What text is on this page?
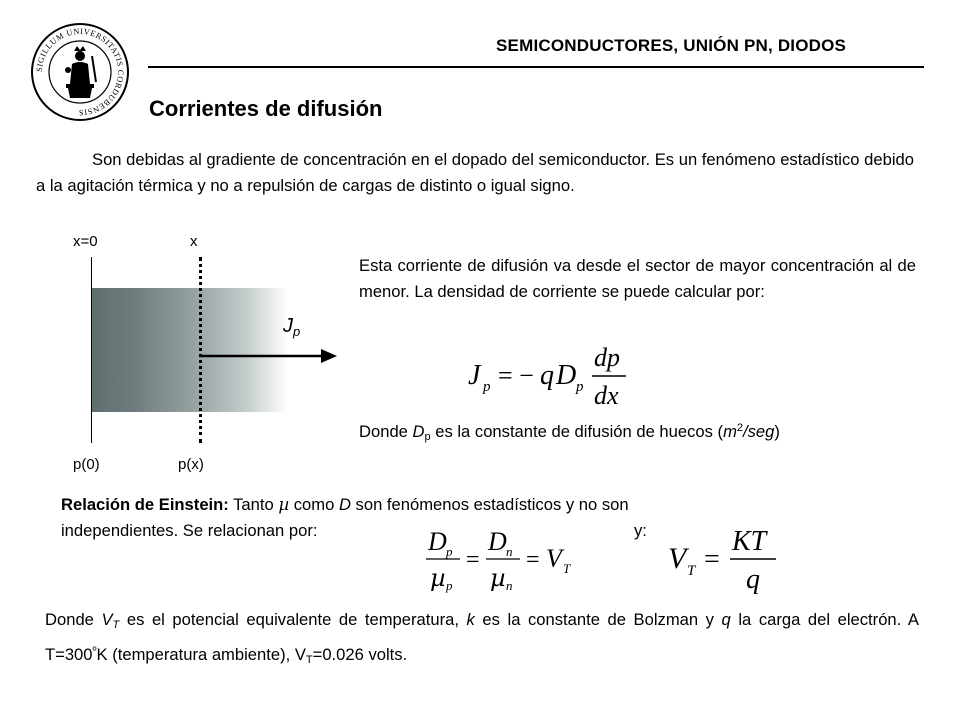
SIGILLUM UNIVERSITATIS CORDUBENSIS
SEMICONDUCTORES, UNIÓN PN, DIODOS
Corrientes de difusión
Son debidas al gradiente de concentración en el dopado del semiconductor. Es un fenómeno estadístico debido a la agitación térmica y no a repulsión de cargas de distinto o igual signo.
x=0	x
$J_p$
p(0)	p(x)
Esta corriente de difusión va desde el sector de mayor concentración al de menor. La densidad de corriente se puede calcular por:
J p = − q D p
dp
dx
Donde $D_p$ es la constante de difusión de huecos $(m^2/seg)$
Relación de Einstein: Tanto µ como D son fenómenos estadísticos y no son
independientes. Se relacionan por:	y:
D p
µ p
=
D n
µ n
= V T	V T =
KT
q
Donde $V_T$ es el potencial equivalente de temperatura, k es la constante de Bolzman y q la carga del electrón. A $T=300^ºK$ (temperatura ambiente), $V_T=0.026$ volts.
